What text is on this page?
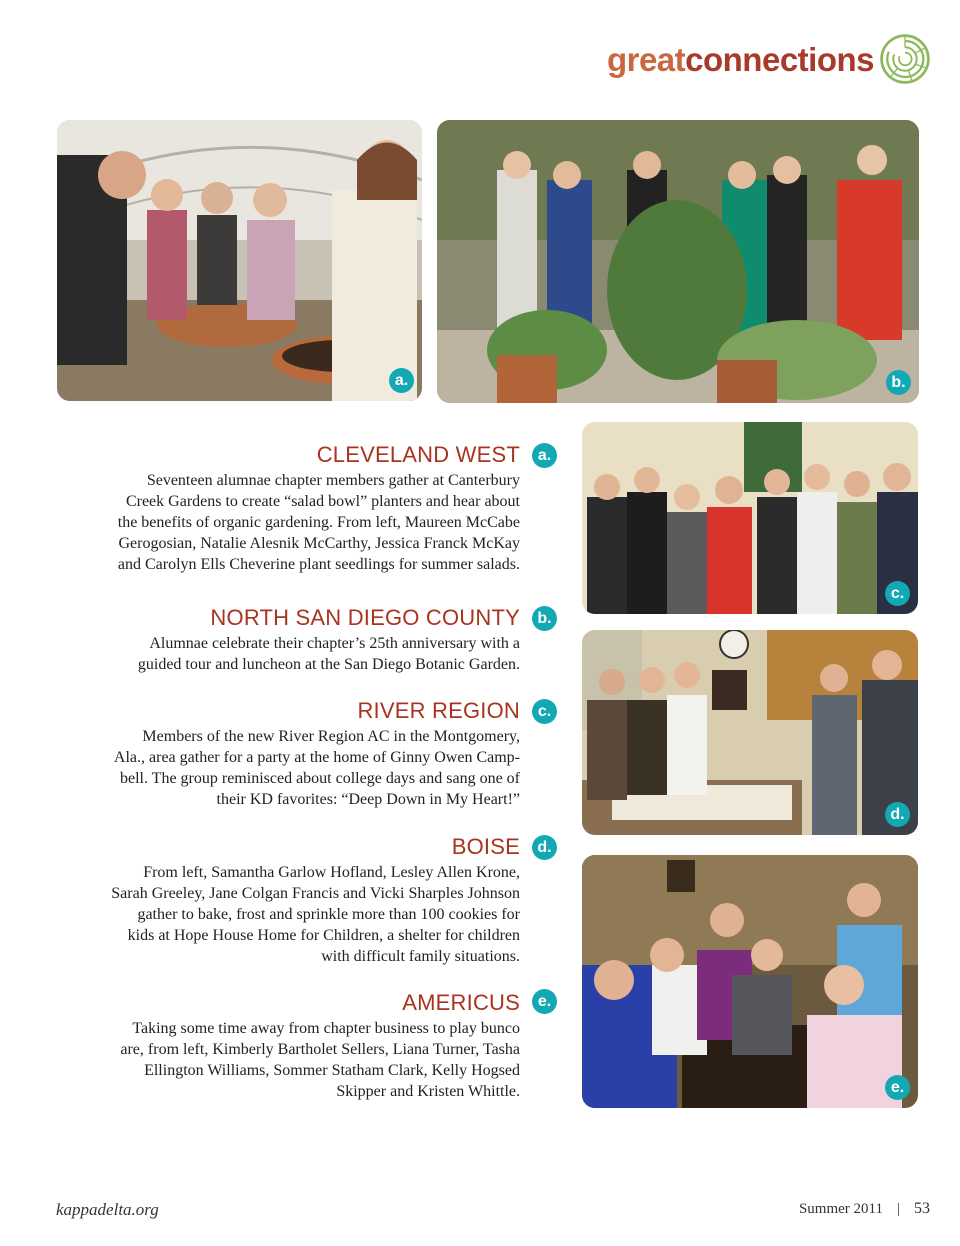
great connections
a.	b.
c.
d.
e.
CLEVELAND WEST

Seventeen alumnae chapter members gather at Canterbury
Creek Gardens to create “salad bowl” planters and hear about
the benefits of organic gardening. From left, Maureen McCabe
Gerogosian, Natalie Alesnik McCarthy, Jessica Franck McKay
and Carolyn Ells Cheverine plant seedlings for summer salads.

a.
NORTH SAN DIEGO COUNTY

Alumnae celebrate their chapter’s 25th anniversary with a
guided tour and luncheon at the San Diego Botanic Garden.

b.
RIVER REGION

Members of the new River Region AC in the Montgomery,
Ala., area gather for a party at the home of Ginny Owen Camp-
bell. The group reminisced about college days and sang one of
their KD favorites: “Deep Down in My Heart!”

c.
BOISE

From left, Samantha Garlow Hofland, Lesley Allen Krone,
Sarah Greeley, Jane Colgan Francis and Vicki Sharples Johnson
gather to bake, frost and sprinkle more than 100 cookies for
kids at Hope House Home for Children, a shelter for children
with difficult family situations.

d.
AMERICUS

Taking some time away from chapter business to play bunco
are, from left, Kimberly Bartholet Sellers, Liana Turner, Tasha
Ellington Williams, Sommer Statham Clark, Kelly Hogsed
Skipper and Kristen Whittle.

e.
kappadelta.org	Summer 2011 | 53
